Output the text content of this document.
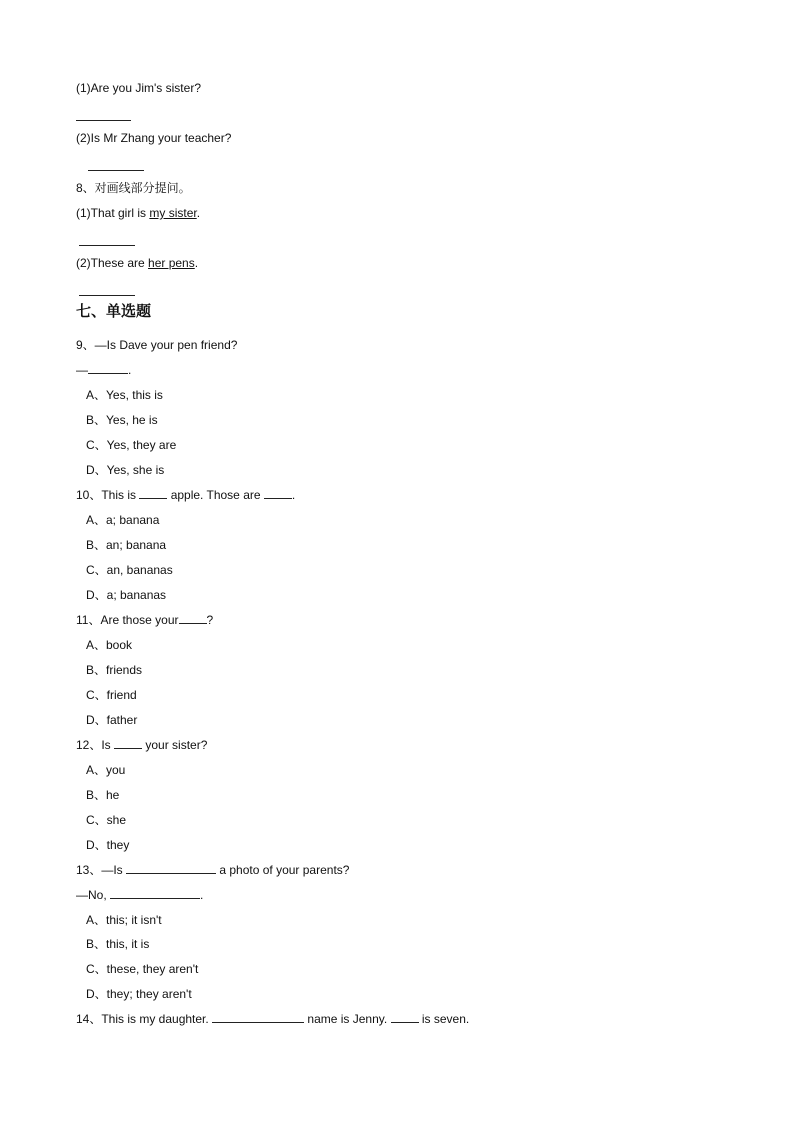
(1)Are you Jim's sister?
(2)Is Mr Zhang your teacher?
8、对画线部分提问。
(1)That girl is my sister.
(2)These are her pens.
七、单选题
9、—Is Dave your pen friend?
—	.
A、Yes, this is
B、Yes, he is
C、Yes, they are
D、Yes, she is
10、This is  apple. Those are .
A、a; banana
B、an; banana
C、an, bananas
D、a; bananas
11、Are those your ?
A、book
B、friends
C、friend
D、father
12、Is  your sister?
A、you
B、he
C、she
D、they
13、—Is	a photo of your parents?
—No,	.
A、this; it isn't
B、this, it is
C、these, they aren't
D、they; they aren't
14、This is my daughter.	name is Jenny.  is seven.
